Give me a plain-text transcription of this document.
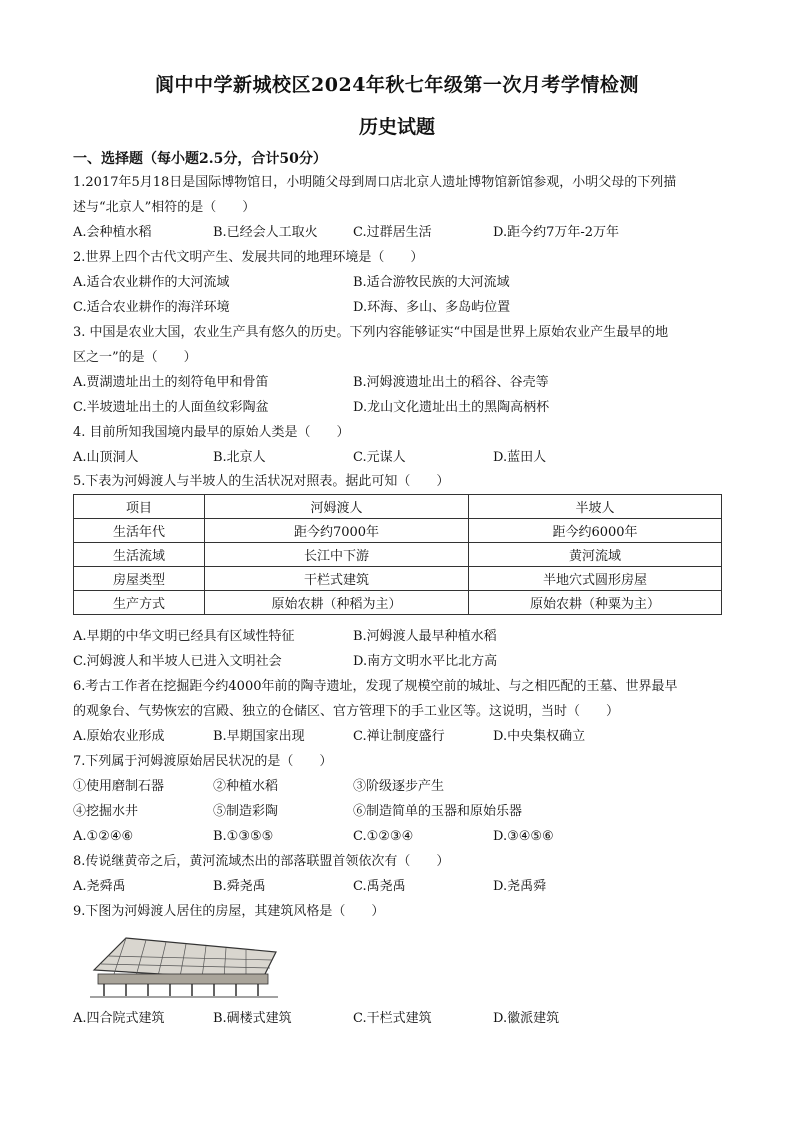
阆中中学新城校区2024年秋七年级第一次月考学情检测
历史试题
一、选择题（每小题2.5分，合计50分）
1.2017年5月18日是国际博物馆日，小明随父母到周口店北京人遗址博物馆新馆参观，小明父母的下列描
述与“北京人”相符的是（　　）
A.会种植水稻	B.已经会人工取火	C.过群居生活	D.距今约7万年-2万年
2.世界上四个古代文明产生、发展共同的地理环境是（　　）
A.适合农业耕作的大河流域	B.适合游牧民族的大河流域
C.适合农业耕作的海洋环境	D.环海、多山、多岛屿位置
3. 中国是农业大国，农业生产具有悠久的历史。下列内容能够证实“中国是世界上原始农业产生最早的地
区之一”的是（　　）
A.贾湖遗址出土的刻符龟甲和骨笛	B.河姆渡遗址出土的稻谷、谷壳等
C.半坡遗址出土的人面鱼纹彩陶盆	D.龙山文化遗址出土的黑陶高柄杯
4. 目前所知我国境内最早的原始人类是（　　）
A.山顶洞人	B.北京人	C.元谋人	D.蓝田人
5.下表为河姆渡人与半坡人的生活状况对照表。据此可知（　　）
项目	河姆渡人	半坡人
生活年代	距今约7000年	距今约6000年
生活流域	长江中下游	黄河流域
房屋类型	干栏式建筑	半地穴式圆形房屋
生产方式	原始农耕（种稻为主）	原始农耕（种粟为主）
A.早期的中华文明已经具有区域性特征	B.河姆渡人最早种植水稻
C.河姆渡人和半坡人已进入文明社会	D.南方文明水平比北方高
6.考古工作者在挖掘距今约4000年前的陶寺遗址，发现了规模空前的城址、与之相匹配的王墓、世界最早
的观象台、气势恢宏的宫殿、独立的仓储区、官方管理下的手工业区等。这说明，当时（　　）
A.原始农业形成	B.早期国家出现	C.禅让制度盛行	D.中央集权确立
7.下列属于河姆渡原始居民状况的是（　　）
①使用磨制石器	②种植水稻	③阶级逐步产生
④挖掘水井	⑤制造彩陶	⑥制造简单的玉器和原始乐器
A.①②④⑥	B.①③⑤⑤	C.①②③④	D.③④⑤⑥
8.传说继黄帝之后，黄河流域杰出的部落联盟首领依次有（　　）
A.尧舜禹	B.舜尧禹	C.禹尧禹	D.尧禹舜
9.下图为河姆渡人居住的房屋，其建筑风格是（　　）
A.四合院式建筑	B.碉楼式建筑	C.干栏式建筑	D.徽派建筑
